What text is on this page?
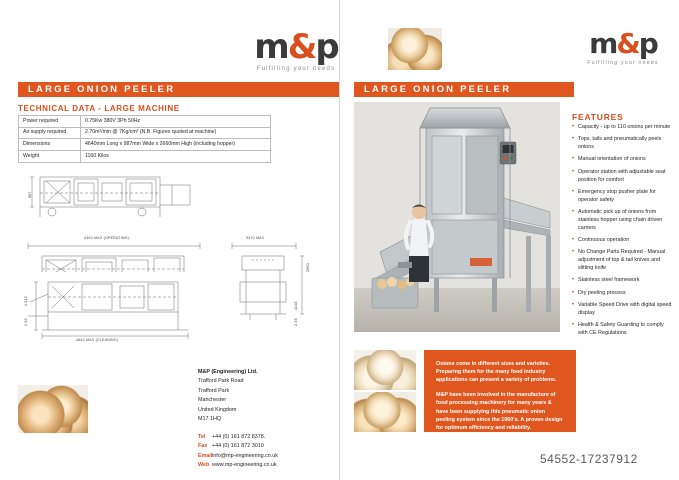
m&p
Fulfilling your needs
LARGE ONION PEELER
TECHNICAL DATA - LARGE MACHINE
Power required	0.75Kw 380V 3Ph 50Hz
Air supply required	2.70m³/min @ 7Kg/cm² (N.B. Figures quoted at machine)
Dimensions	4640mm Long x 987mm Wide x 2660mm High (including hopper)
Weight	1160 Kilos
987
4300 MAX (OPERATING)	3470 MAX
2660
1148
2 35
1 812
1 92
4640 MAX (CLEANING)
M&P (Engineering) Ltd.
Trafford Park Road
Trafford Park
Manchester
United Kingdom
M17 1HQ
Tel +44 (0) 161 872 8378.
Fax +44 (0) 161 872 3010
Emailinfo@mp-engineering.co.uk
Web www.mp-engineering.co.uk
m&p
Fulfilling your needs
LARGE ONION PEELER
FEATURES
• Capacity - up to 110 onions per minute
• Tops, tails and pneumatically peels onions
• Manual orientation of onions
• Operator station with adjustable seat position for comfort
• Emergency stop pusher plate for operator safety
• Automatic pick up of onions from stainless hopper using chain driven carriers
• Continuous operation
• No Change Parts Required - Manual adjustment of top & tail knives and slitting knife
• Stainless steel framework
• Dry peeling process
• Variable Speed Drive with digital speed display
• Health & Safety Guarding to comply with CE Regulations

Onions come in different sizes and varieties. Preparing them for the many food industry applications can present a variety of problems.

M&P have been involved in the manufacture of food processing machinery for many years & have been supplying this pneumatic onion peeling system since the 1960's. A proven design for optimum efficiency and reliability.

54552-17237912
